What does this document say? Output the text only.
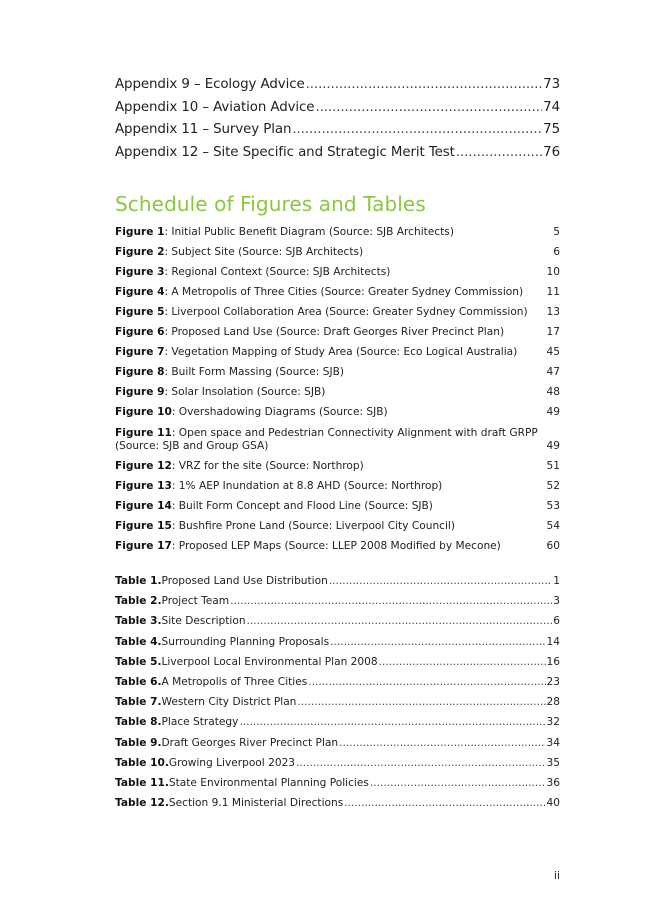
Appendix 9 – Ecology Advice .....	73
Appendix 10 – Aviation Advice .....	74
Appendix 11 – Survey Plan .....	75
Appendix 12 – Site Specific and Strategic Merit Test .....	76
Schedule of Figures and Tables
Figure 1: Initial Public Benefit Diagram (Source: SJB Architects)	5
Figure 2: Subject Site (Source: SJB Architects)	6
Figure 3: Regional Context (Source: SJB Architects)	10
Figure 4: A Metropolis of Three Cities (Source: Greater Sydney Commission)	11
Figure 5: Liverpool Collaboration Area (Source: Greater Sydney Commission)	13
Figure 6: Proposed Land Use (Source: Draft Georges River Precinct Plan)	17
Figure 7: Vegetation Mapping of Study Area (Source: Eco Logical Australia)	45
Figure 8: Built Form Massing (Source: SJB)	47
Figure 9: Solar Insolation (Source: SJB)	48
Figure 10: Overshadowing Diagrams (Source: SJB)	49
Figure 11: Open space and Pedestrian Connectivity Alignment with draft GRPP (Source: SJB and Group GSA)	49
Figure 12: VRZ for the site (Source: Northrop)	51
Figure 13: 1% AEP Inundation at 8.8 AHD (Source: Northrop)	52
Figure 14: Built Form Concept and Flood Line (Source: SJB)	53
Figure 15: Bushfire Prone Land (Source: Liverpool City Council)	54
Figure 17: Proposed LEP Maps (Source: LLEP 2008 Modified by Mecone)	60
Table 1. Proposed Land Use Distribution .....	1
Table 2. Project Team .....	3
Table 3. Site Description .....	6
Table 4. Surrounding Planning Proposals .....	14
Table 5. Liverpool Local Environmental Plan 2008 .....	16
Table 6. A Metropolis of Three Cities .....	23
Table 7. Western City District Plan .....	28
Table 8. Place Strategy .....	32
Table 9. Draft Georges River Precinct Plan .....	34
Table 10. Growing Liverpool 2023 .....	35
Table 11. State Environmental Planning Policies .....	36
Table 12. Section 9.1 Ministerial Directions .....	40
ii
